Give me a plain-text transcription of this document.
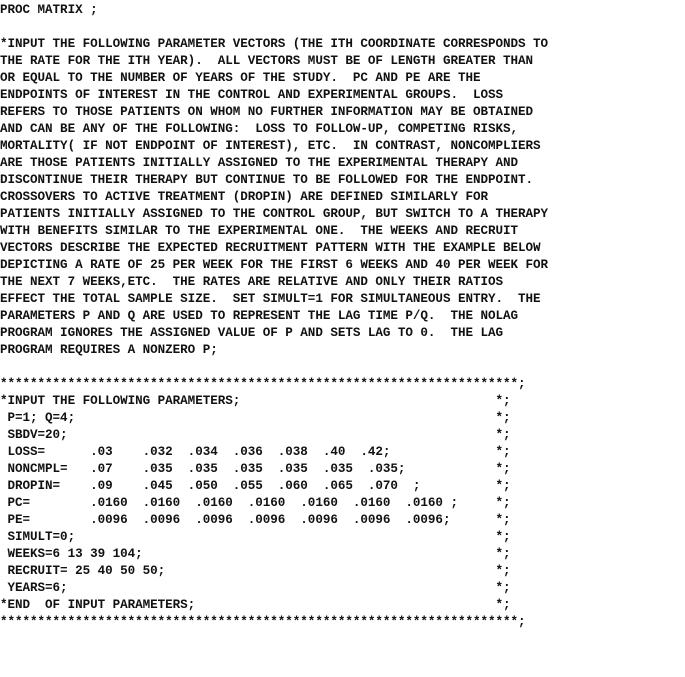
PROC MATRIX ;
*INPUT THE FOLLOWING PARAMETER VECTORS (THE ITH COORDINATE CORRESPONDS TO
THE RATE FOR THE ITH YEAR).  ALL VECTORS MUST BE OF LENGTH GREATER THAN
OR EQUAL TO THE NUMBER OF YEARS OF THE STUDY.  PC AND PE ARE THE
ENDPOINTS OF INTEREST IN THE CONTROL AND EXPERIMENTAL GROUPS.  LOSS
REFERS TO THOSE PATIENTS ON WHOM NO FURTHER INFORMATION MAY BE OBTAINED
AND CAN BE ANY OF THE FOLLOWING:  LOSS TO FOLLOW-UP, COMPETING RISKS,
MORTALITY( IF NOT ENDPOINT OF INTEREST), ETC.  IN CONTRAST, NONCOMPLIERS
ARE THOSE PATIENTS INITIALLY ASSIGNED TO THE EXPERIMENTAL THERAPY AND
DISCONTINUE THEIR THERAPY BUT CONTINUE TO BE FOLLOWED FOR THE ENDPOINT.
CROSSOVERS TO ACTIVE TREATMENT (DROPIN) ARE DEFINED SIMILARLY FOR
PATIENTS INITIALLY ASSIGNED TO THE CONTROL GROUP, BUT SWITCH TO A THERAPY
WITH BENEFITS SIMILAR TO THE EXPERIMENTAL ONE.  THE WEEKS AND RECRUIT
VECTORS DESCRIBE THE EXPECTED RECRUITMENT PATTERN WITH THE EXAMPLE BELOW
DEPICTING A RATE OF 25 PER WEEK FOR THE FIRST 6 WEEKS AND 40 PER WEEK FOR
THE NEXT 7 WEEKS,ETC.  THE RATES ARE RELATIVE AND ONLY THEIR RATIOS
EFFECT THE TOTAL SAMPLE SIZE.  SET SIMULT=1 FOR SIMULTANEOUS ENTRY.  THE
PARAMETERS P AND Q ARE USED TO REPRESENT THE LAG TIME P/Q.  THE NOLAG
PROGRAM IGNORES THE ASSIGNED VALUE OF P AND SETS LAG TO 0.  THE LAG
PROGRAM REQUIRES A NONZERO P;
*********************************************************************;
*INPUT THE FOLLOWING PARAMETERS;                                  *;
P=1; Q=4;                                                        *;
SBDV=20;                                                         *;
LOSS=      .03    .032  .034  .036  .038  .40  .42;              *;
NONCMPL=   .07    .035  .035  .035  .035  .035  .035;            *;
DROPIN=    .09    .045  .050  .055  .060  .065  .070  ;          *;
PC=        .0160  .0160  .0160  .0160  .0160  .0160  .0160 ;     *;
PE=        .0096  .0096  .0096  .0096  .0096  .0096  .0096;      *;
SIMULT=0;                                                        *;
WEEKS=6 13 39 104;                                               *;
RECRUIT= 25 40 50 50;                                            *;
YEARS=6;                                                         *;
*END  OF INPUT PARAMETERS;                                        *;
*********************************************************************;
